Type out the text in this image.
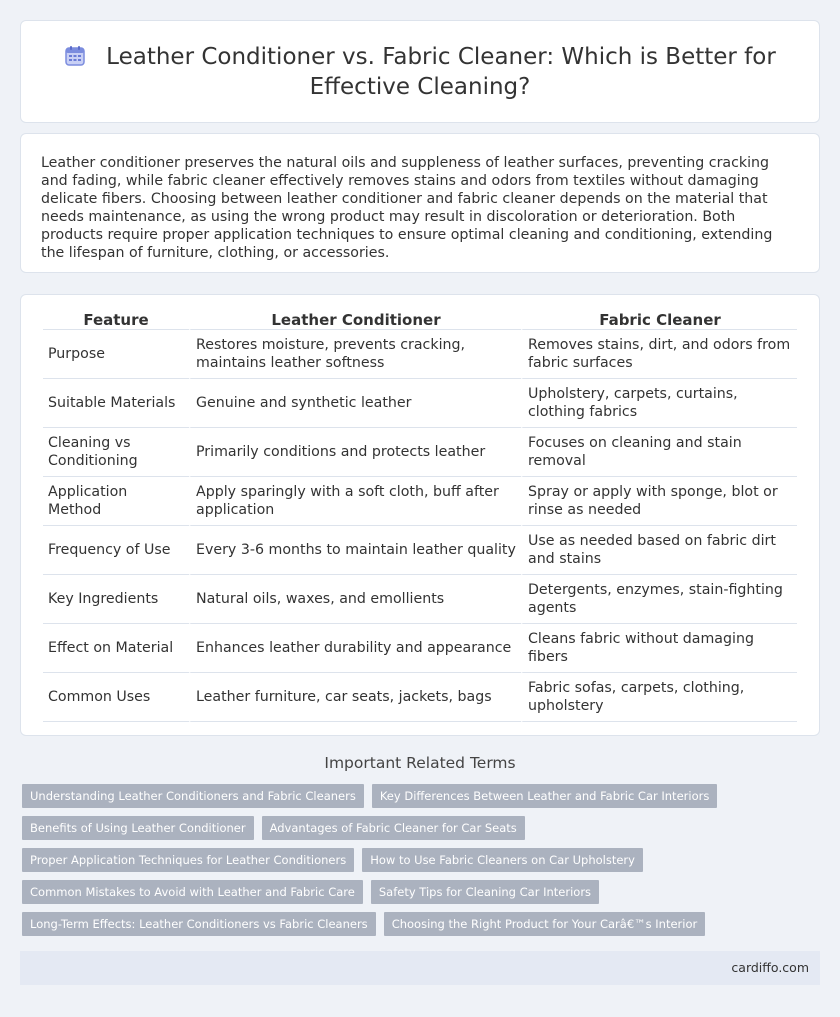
Leather Conditioner vs. Fabric Cleaner: Which is Better for Effective Cleaning?

Leather conditioner preserves the natural oils and suppleness of leather surfaces, preventing cracking and fading, while fabric cleaner effectively removes stains and odors from textiles without damaging delicate fibers. Choosing between leather conditioner and fabric cleaner depends on the material that needs maintenance, as using the wrong product may result in discoloration or deterioration. Both products require proper application techniques to ensure optimal cleaning and conditioning, extending the lifespan of furniture, clothing, or accessories.

Feature	Leather Conditioner	Fabric Cleaner
Purpose	Restores moisture, prevents cracking, maintains leather softness	Removes stains, dirt, and odors from fabric surfaces
Suitable Materials	Genuine and synthetic leather	Upholstery, carpets, curtains, clothing fabrics
Cleaning vs Conditioning	Primarily conditions and protects leather	Focuses on cleaning and stain removal
Application Method	Apply sparingly with a soft cloth, buff after application	Spray or apply with sponge, blot or rinse as needed
Frequency of Use	Every 3-6 months to maintain leather quality	Use as needed based on fabric dirt and stains
Key Ingredients	Natural oils, waxes, and emollients	Detergents, enzymes, stain-fighting agents
Effect on Material	Enhances leather durability and appearance	Cleans fabric without damaging fibers
Common Uses	Leather furniture, car seats, jackets, bags	Fabric sofas, carpets, clothing, upholstery
Important Related Terms
Understanding Leather Conditioners and Fabric Cleaners	Key Differences Between Leather and Fabric Car Interiors
Benefits of Using Leather Conditioner	Advantages of Fabric Cleaner for Car Seats
Proper Application Techniques for Leather Conditioners	How to Use Fabric Cleaners on Car Upholstery
Common Mistakes to Avoid with Leather and Fabric Care	Safety Tips for Cleaning Car Interiors
Long-Term Effects: Leather Conditioners vs Fabric Cleaners	Choosing the Right Product for Your Carâ€™s Interior
cardiffo.com
